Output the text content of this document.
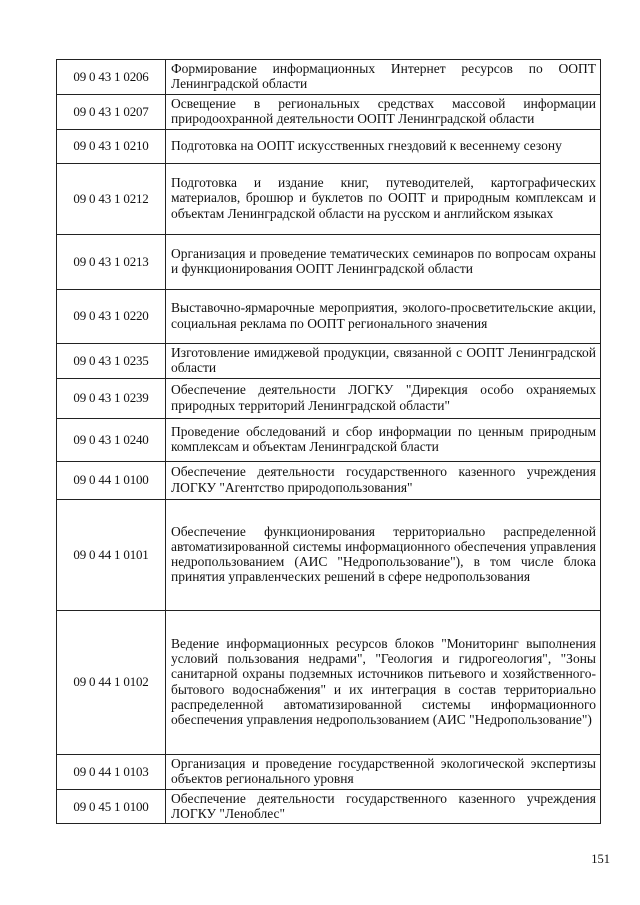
09 0 43 1 0206	Формирование информационных Интернет ресурсов по ООПТ Ленинградской области
09 0 43 1 0207	Освещение в региональных средствах массовой информации природоохранной деятельности ООПТ Ленинградской области
09 0 43 1 0210	Подготовка на ООПТ искусственных гнездовий к весеннему сезону
09 0 43 1 0212	Подготовка и издание книг, путеводителей, картографических материалов, брошюр и буклетов по ООПТ и природным комплексам и объектам Ленинградской области на русском и английском языках
09 0 43 1 0213	Организация и проведение тематических семинаров по вопросам охраны и функционирования ООПТ Ленинградской области
09 0 43 1 0220	Выставочно-ярмарочные мероприятия, эколого-просветительские акции, социальная реклама по ООПТ регионального значения
09 0 43 1 0235	Изготовление имиджевой продукции, связанной с ООПТ Ленинградской области
09 0 43 1 0239	Обеспечение деятельности ЛОГКУ "Дирекция особо охраняемых природных территорий Ленинградской области"
09 0 43 1 0240	Проведение обследований и сбор информации по ценным природным комплексам и объектам Ленинградской бласти
09 0 44 1 0100	Обеспечение деятельности государственного казенного учреждения ЛОГКУ "Агентство природопользования"
09 0 44 1 0101	Обеспечение функционирования территориально распределенной автоматизированной системы информационного обеспечения управления недропользованием (АИС "Недропользование"), в том числе блока принятия управленческих решений в сфере недропользования
09 0 44 1 0102	Ведение информационных ресурсов блоков "Мониторинг выполнения условий пользования недрами", "Геология и гидрогеология", "Зоны санитарной охраны подземных источников питьевого и хозяйственного-бытового водоснабжения" и их интеграция в состав территориально распределенной автоматизированной системы информационного обеспечения управления недропользованием (АИС "Недропользование")
09 0 44 1 0103	Организация и проведение государственной экологической экспертизы объектов регионального уровня
09 0 45 1 0100	Обеспечение деятельности государственного казенного учреждения ЛОГКУ "Леноблес"
151
